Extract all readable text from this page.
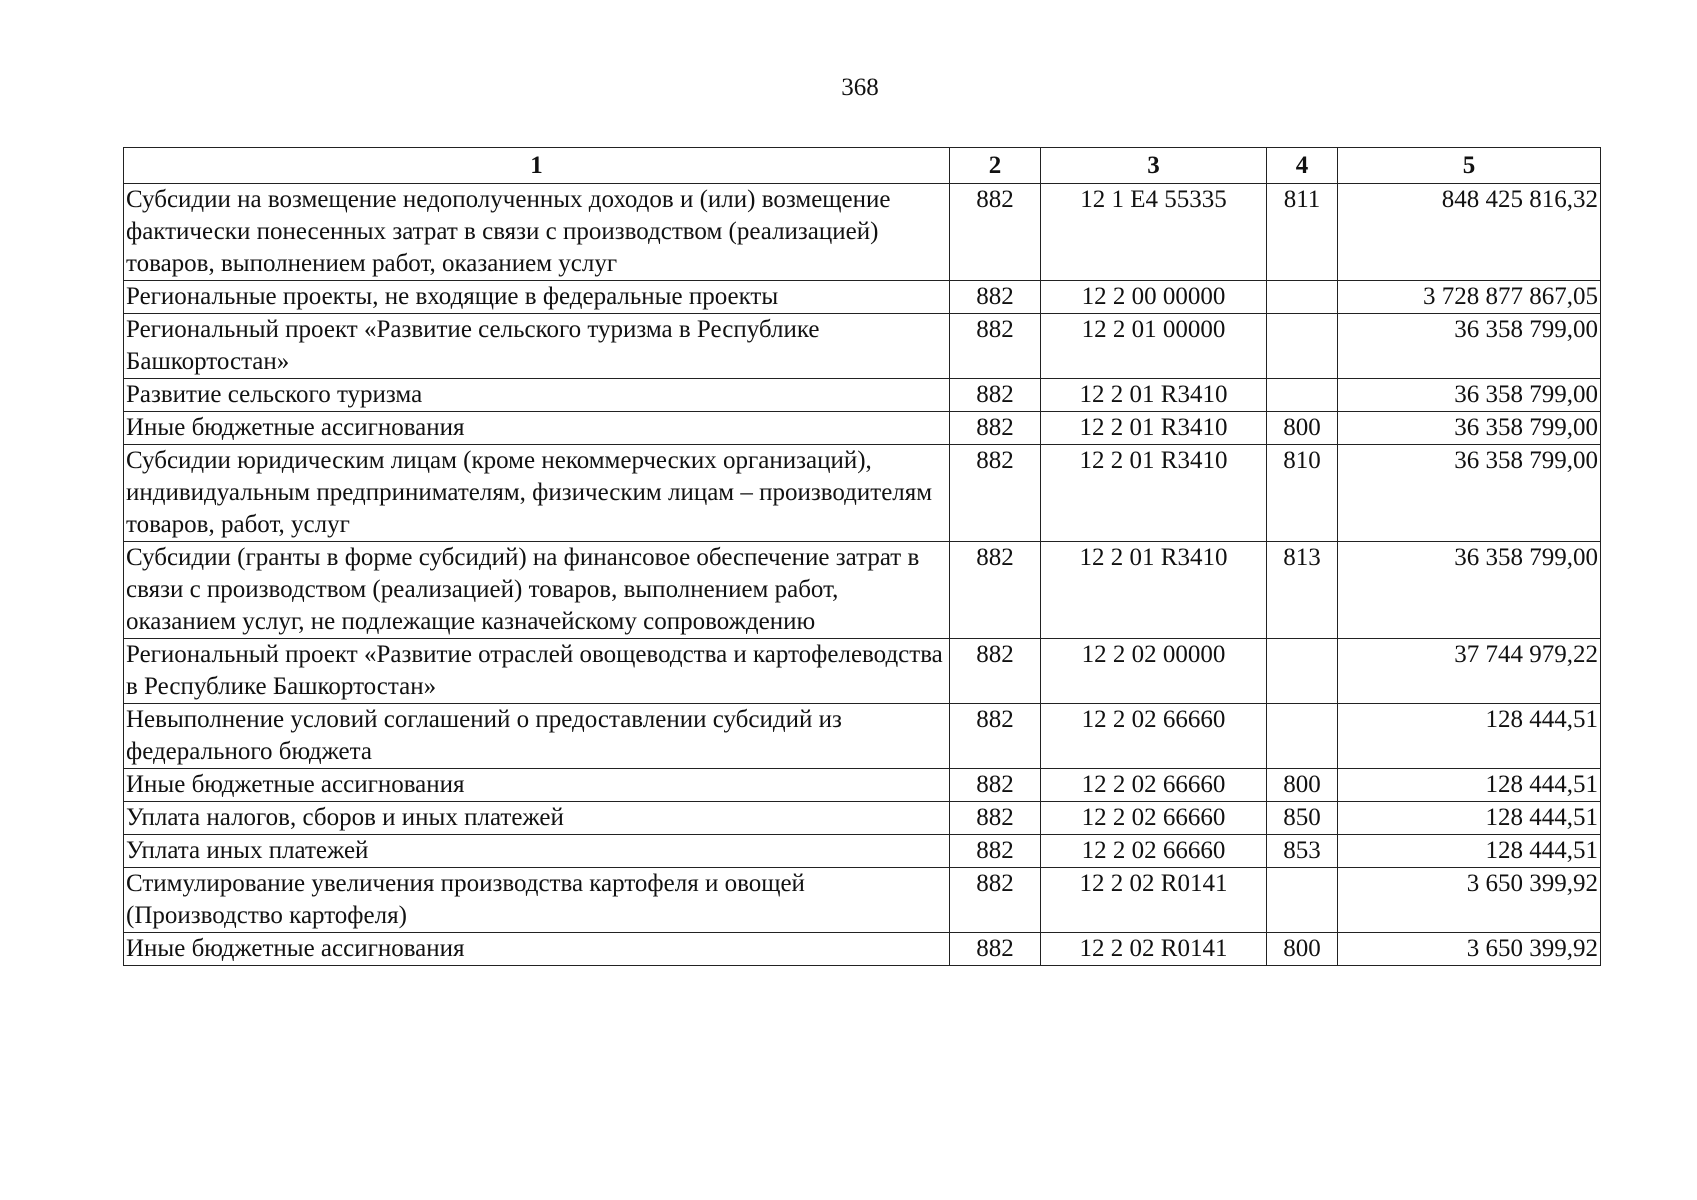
368
1	2	3	4	5
Субсидии на возмещение недополученных доходов и (или) возмещение фактически понесенных затрат в связи с производством (реализацией) товаров, выполнением работ, оказанием услуг	882	12 1 Е4 55335	811	848 425 816,32
Региональные проекты, не входящие в федеральные проекты	882	12 2 00 00000		3 728 877 867,05
Региональный проект «Развитие сельского туризма в Республике Башкортостан»	882	12 2 01 00000		36 358 799,00
Развитие сельского туризма	882	12 2 01 R3410		36 358 799,00
Иные бюджетные ассигнования	882	12 2 01 R3410	800	36 358 799,00
Субсидии юридическим лицам (кроме некоммерческих организаций), индивидуальным предпринимателям, физическим лицам – производителям товаров, работ, услуг	882	12 2 01 R3410	810	36 358 799,00
Субсидии (гранты в форме субсидий) на финансовое обеспечение затрат в связи с производством (реализацией) товаров, выполнением работ, оказанием услуг, не подлежащие казначейскому сопровождению	882	12 2 01 R3410	813	36 358 799,00
Региональный проект «Развитие отраслей овощеводства и картофелеводства в Республике Башкортостан»	882	12 2 02 00000		37 744 979,22
Невыполнение условий соглашений о предоставлении субсидий из федерального бюджета	882	12 2 02 66660		128 444,51
Иные бюджетные ассигнования	882	12 2 02 66660	800	128 444,51
Уплата налогов, сборов и иных платежей	882	12 2 02 66660	850	128 444,51
Уплата иных платежей	882	12 2 02 66660	853	128 444,51
Стимулирование увеличения производства картофеля и овощей (Производство картофеля)	882	12 2 02 R0141		3 650 399,92
Иные бюджетные ассигнования	882	12 2 02 R0141	800	3 650 399,92
